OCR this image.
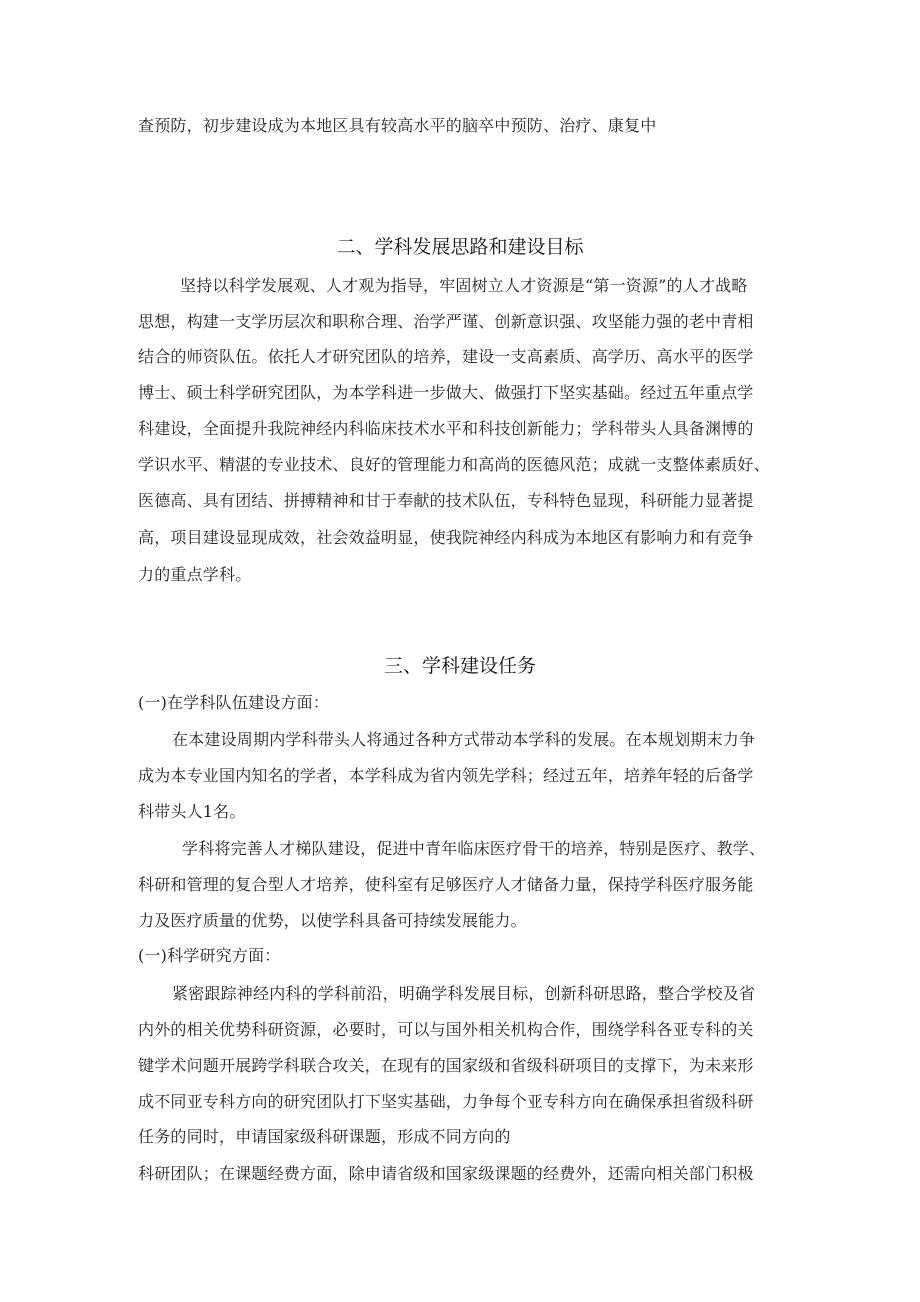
查预防，初步建设成为本地区具有较高水平的脑卒中预防、治疗、康复中
二、学科发展思路和建设目标
坚持以科学发展观、人才观为指导，牢固树立人才资源是“第一资源”的人才战略
思想，构建一支学历层次和职称合理、治学严谨、创新意识强、攻坚能力强的老中青相
结合的师资队伍。依托人才研究团队的培养，建设一支高素质、高学历、高水平的医学
博士、硕士科学研究团队，为本学科进一步做大、做强打下坚实基础。经过五年重点学
科建设，全面提升我院神经内科临床技术水平和科技创新能力；学科带头人具备渊博的
学识水平、精湛的专业技术、良好的管理能力和高尚的医德风范；成就一支整体素质好、
医德高、具有团结、拼搏精神和甘于奉献的技术队伍，专科特色显现，科研能力显著提
高，项目建设显现成效，社会效益明显，使我院神经内科成为本地区有影响力和有竞争
力的重点学科。
三、学科建设任务
(一)在学科队伍建设方面：
在本建设周期内学科带头人将通过各种方式带动本学科的发展。在本规划期末力争
成为本专业国内知名的学者，本学科成为省内领先学科；经过五年，培养年轻的后备学
科带头人1名。
学科将完善人才梯队建设，促进中青年临床医疗骨干的培养，特别是医疗、教学、
科研和管理的复合型人才培养，使科室有足够医疗人才储备力量，保持学科医疗服务能
力及医疗质量的优势，以使学科具备可持续发展能力。
(一)科学研究方面：
紧密跟踪神经内科的学科前沿，明确学科发展目标，创新科研思路，整合学校及省
内外的相关优势科研资源，必要时，可以与国外相关机构合作，围绕学科各亚专科的关
键学术问题开展跨学科联合攻关，在现有的国家级和省级科研项目的支撑下，为未来形
成不同亚专科方向的研究团队打下坚实基础，力争每个亚专科方向在确保承担省级科研
任务的同时，申请国家级科研课题，形成不同方向的
科研团队；在课题经费方面，除申请省级和国家级课题的经费外，还需向相关部门积极
